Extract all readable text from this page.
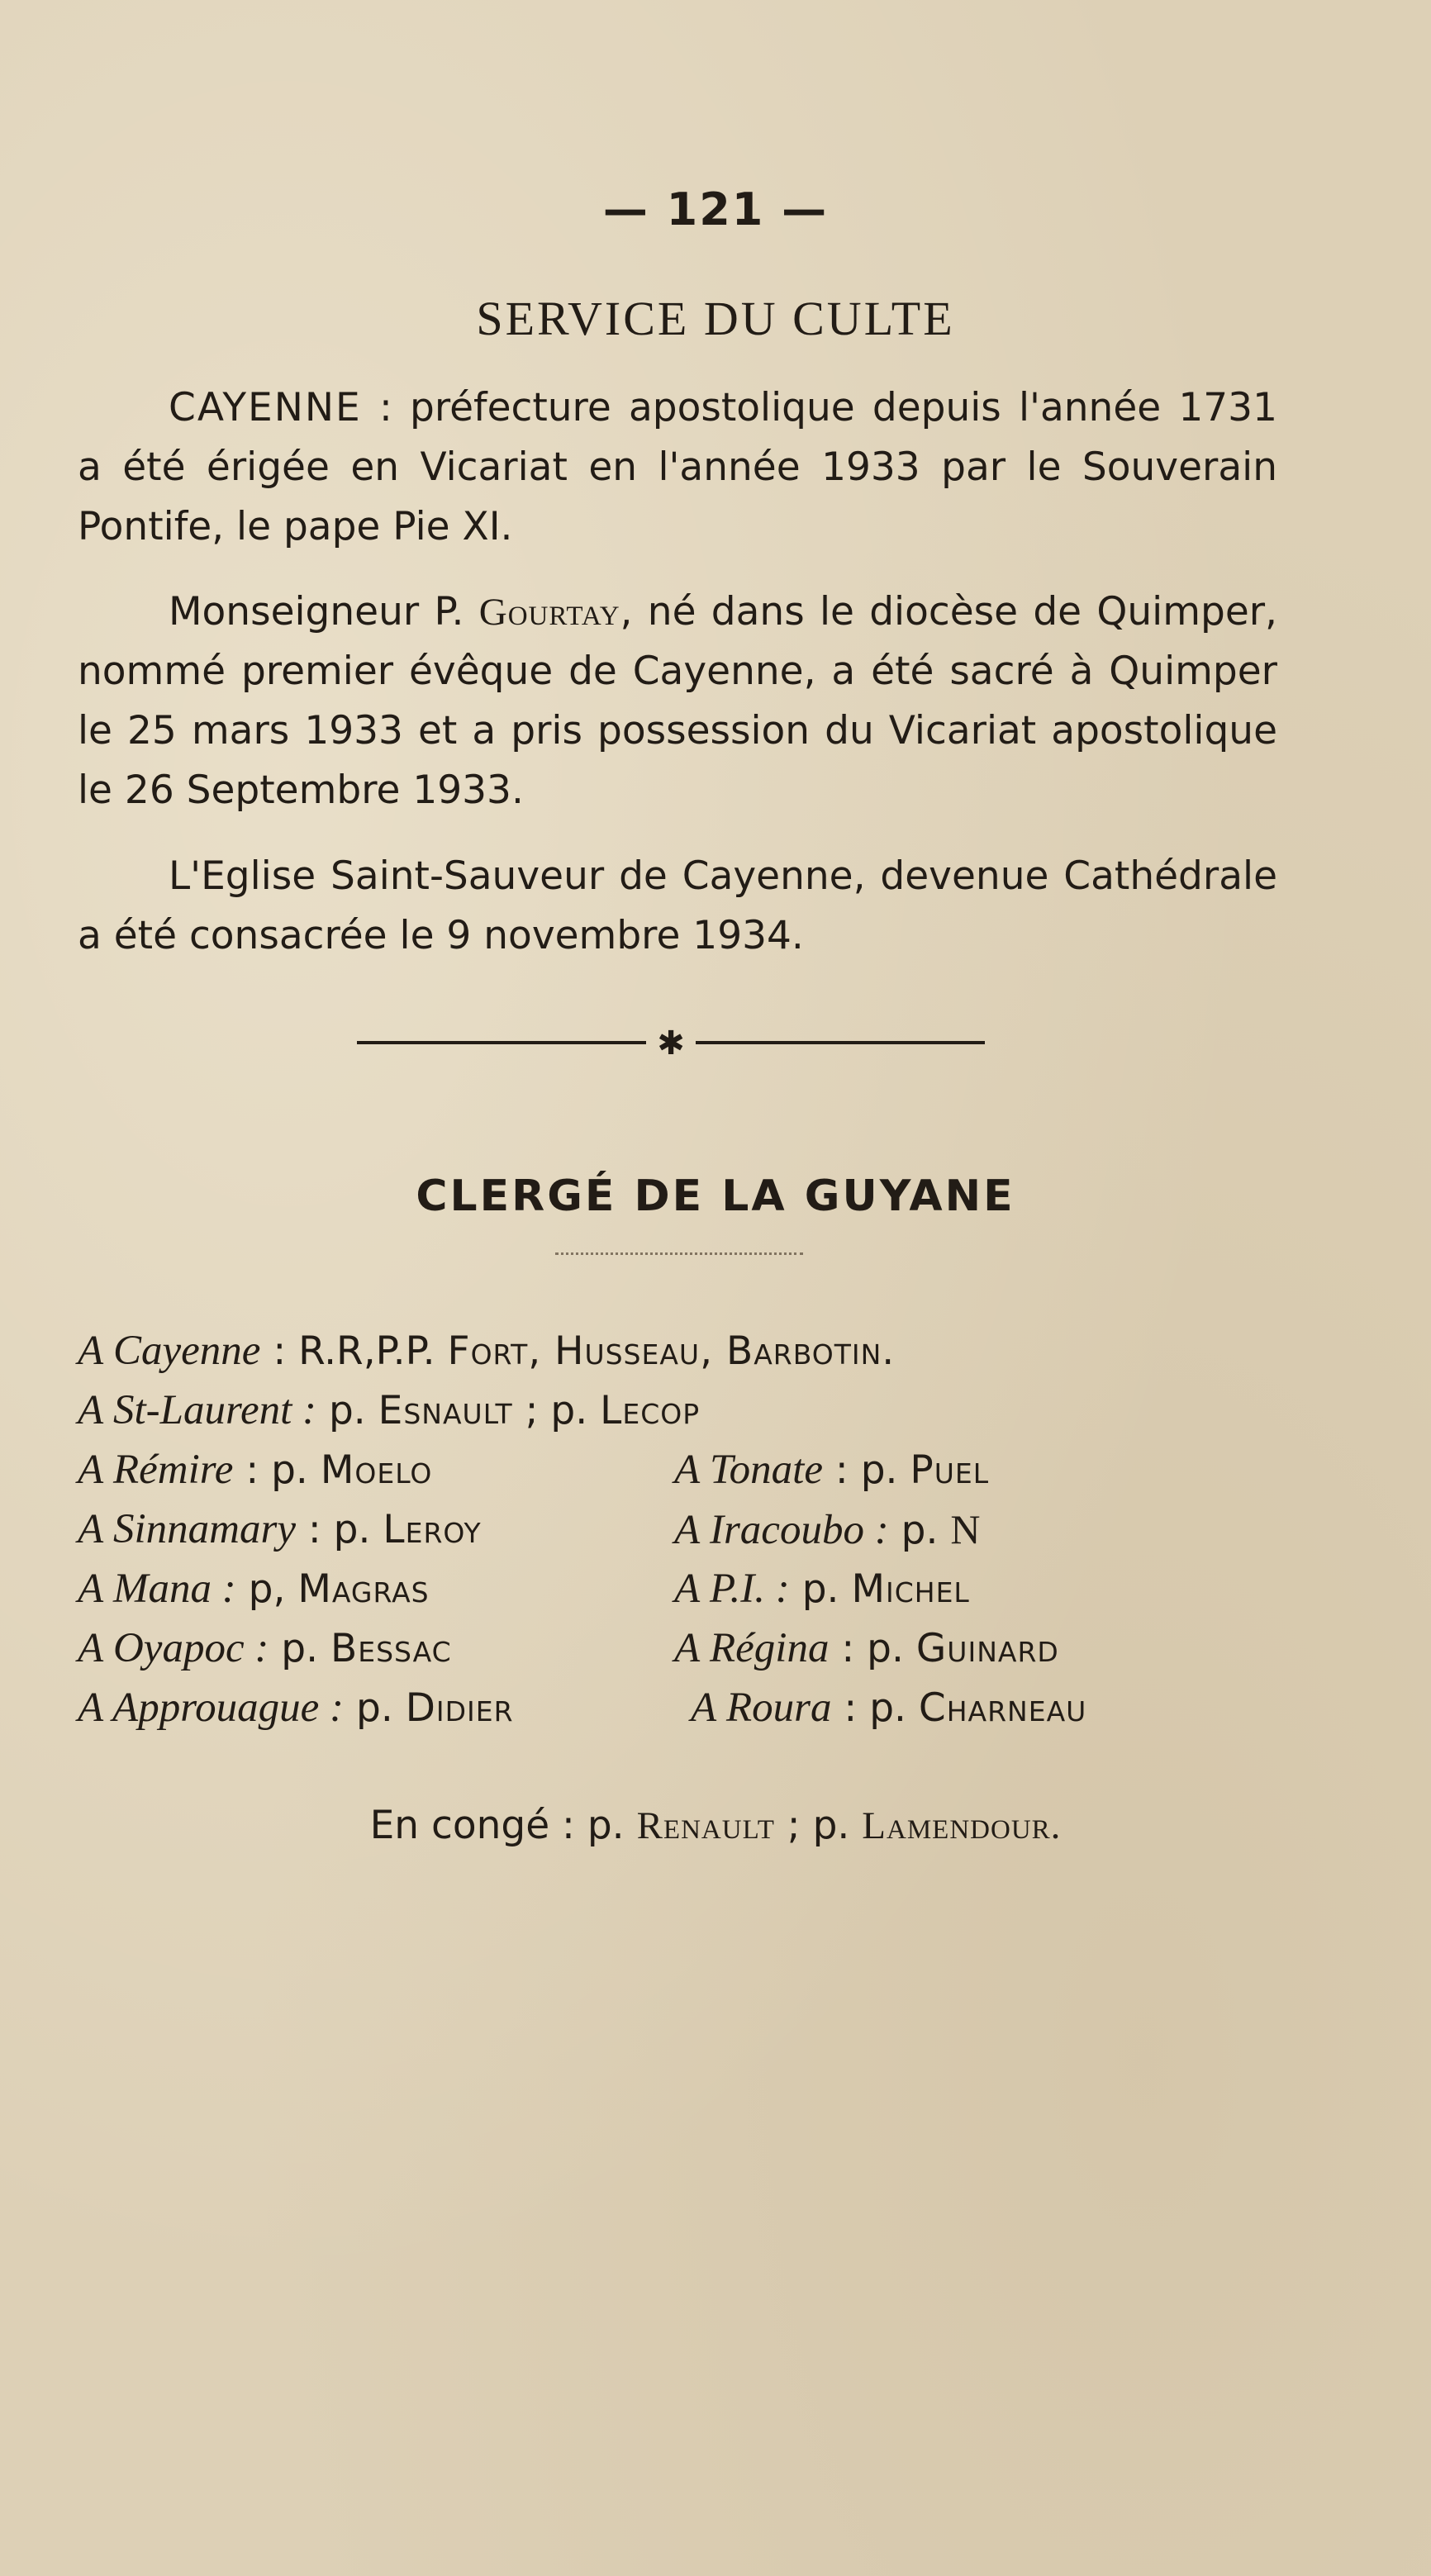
— 121 —
SERVICE DU CULTE

CAYENNE : préfecture apostolique depuis l'année 1731 a été érigée en Vicariat en l'année 1933 par le Souverain Pontife, le pape Pie XI.

Monseigneur P. Gourtay, né dans le diocèse de Quimper, nommé premier évêque de Cayenne, a été sacré à Quimper le 25 mars 1933 et a pris possession du Vicariat apostolique le 26 Septembre 1933.

L'Eglise Saint-Sauveur de Cayenne, devenue Cathédrale a été consacrée le 9 novembre 1934.

✱
CLERGÉ DE LA GUYANE
A Cayenne : R.R,P.P. Fort, Husseau, Barbotin.
A St-Laurent : p. Esnault ; p. Lecop
A Rémire : p. Moelo	A Tonate : p. Puel
A Sinnamary : p. Leroy	A Iracoubo : p. N
A Mana : p, Magras	A P.I. : p. Michel
A Oyapoc : p. Bessac	A Régina : p. Guinard
A Approuague : p. Didier	A Roura : p. Charneau
En congé : p. Renault ; p. Lamendour.
